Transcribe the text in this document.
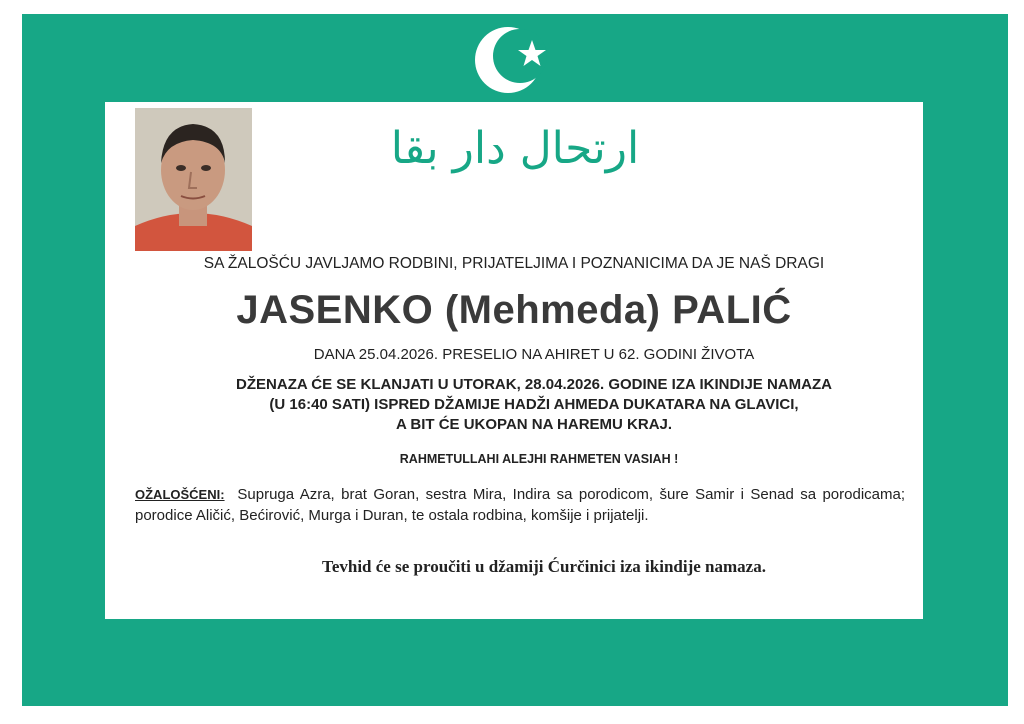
ارتحال دار بقا
SA ŽALOŠĆU JAVLJAMO RODBINI, PRIJATELJIMA I POZNANICIMA DA JE NAŠ DRAGI
JASENKO (Mehmeda) PALIĆ
DANA 25.04.2026. PRESELIO NA AHIRET U 62. GODINI ŽIVOTA
DŽENAZA ĆE SE KLANJATI U UTORAK, 28.04.2026. GODINE IZA IKINDIJE NAMAZA
(U 16:40 SATI) ISPRED DŽAMIJE HADŽI AHMEDA DUKATARA NA GLAVICI,
A BIT ĆE UKOPAN NA HAREMU KRAJ.
RAHMETULLAHI ALEJHI RAHMETEN VASIAH !
OŽALOŠĆENI: Supruga Azra, brat Goran, sestra Mira, Indira sa porodicom, šure Samir i Senad sa porodicama; porodice Aličić, Bećirović, Murga i Duran, te ostala rodbina, komšije i prijatelji.
Tevhid će se proučiti u džamiji Ćurčinici iza ikindije namaza.
